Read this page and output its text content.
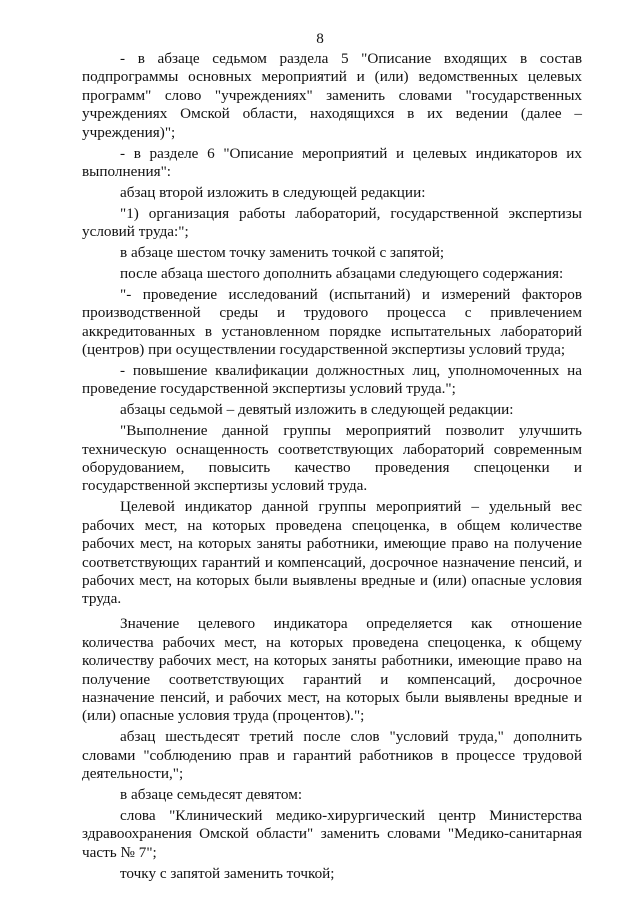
8

- в абзаце седьмом раздела 5 "Описание входящих в состав подпрограммы основных мероприятий и (или) ведомственных целевых программ" слово "учреждениях" заменить словами "государственных учреждениях Омской области, находящихся в их ведении (далее – учреждения)";

- в разделе 6 "Описание мероприятий и целевых индикаторов их выполнения":

абзац второй изложить в следующей редакции:

"1) организация работы лабораторий, государственной экспертизы условий труда:";

в абзаце шестом точку заменить точкой с запятой;

после абзаца шестого дополнить абзацами следующего содержания:

"- проведение исследований (испытаний) и измерений факторов производственной среды и трудового процесса с привлечением аккредитованных в установленном порядке испытательных лабораторий (центров) при осуществлении государственной экспертизы условий труда;

- повышение квалификации должностных лиц, уполномоченных на проведение государственной экспертизы условий труда.";

абзацы седьмой – девятый изложить в следующей редакции:

"Выполнение данной группы мероприятий позволит улучшить техническую оснащенность соответствующих лабораторий современным оборудованием, повысить качество проведения спецоценки и государственной экспертизы условий труда.

Целевой индикатор данной группы мероприятий – удельный вес рабочих мест, на которых проведена спецоценка, в общем количестве рабочих мест, на которых заняты работники, имеющие право на получение соответствующих гарантий и компенсаций, досрочное назначение пенсий, и рабочих мест, на которых были выявлены вредные и (или) опасные условия труда.

Значение целевого индикатора определяется как отношение количества рабочих мест, на которых проведена спецоценка, к общему количеству рабочих мест, на которых заняты работники, имеющие право на получение соответствующих гарантий и компенсаций, досрочное назначение пенсий, и рабочих мест, на которых были выявлены вредные и (или) опасные условия труда (процентов).";

абзац шестьдесят третий после слов "условий труда," дополнить словами "соблюдению прав и гарантий работников в процессе трудовой деятельности,";

в абзаце семьдесят девятом:

слова "Клинический медико-хирургический центр Министерства здравоохранения Омской области" заменить словами "Медико-санитарная часть № 7";

точку с запятой заменить точкой;
